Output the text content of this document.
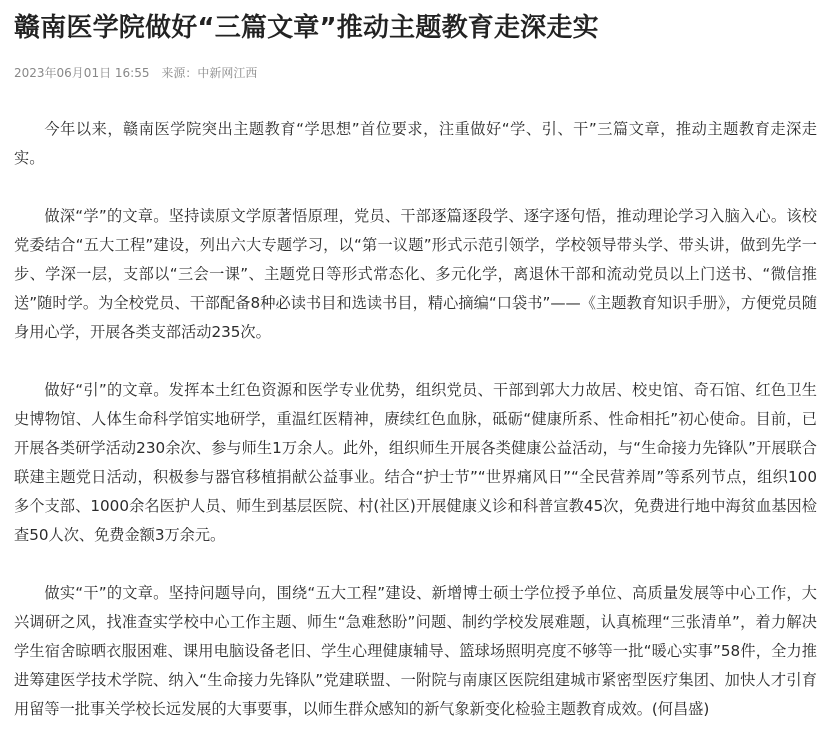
赣南医学院做好“三篇文章”推动主题教育走深走实
2023年06月01日 16:55 来源：中新网江西

今年以来，赣南医学院突出主题教育“学思想”首位要求，注重做好“学、引、干”三篇文章，推动主题教育走深走实。

做深“学”的文章。坚持读原文学原著悟原理，党员、干部逐篇逐段学、逐字逐句悟，推动理论学习入脑入心。该校党委结合“五大工程”建设，列出六大专题学习，以“第一议题”形式示范引领学，学校领导带头学、带头讲，做到先学一步、学深一层，支部以“三会一课”、主题党日等形式常态化、多元化学，离退休干部和流动党员以上门送书、“微信推送”随时学。为全校党员、干部配备8种必读书目和选读书目，精心摘编“口袋书”——《主题教育知识手册》，方便党员随身用心学，开展各类支部活动235次。

做好“引”的文章。发挥本土红色资源和医学专业优势，组织党员、干部到郭大力故居、校史馆、奇石馆、红色卫生史博物馆、人体生命科学馆实地研学，重温红医精神，赓续红色血脉，砥砺“健康所系、性命相托”初心使命。目前，已开展各类研学活动230余次、参与师生1万余人。此外，组织师生开展各类健康公益活动，与“生命接力先锋队”开展联合联建主题党日活动，积极参与器官移植捐献公益事业。结合“护士节”“世界痛风日”“全民营养周”等系列节点，组织100多个支部、1000余名医护人员、师生到基层医院、村(社区)开展健康义诊和科普宣教45次，免费进行地中海贫血基因检查50人次、免费金额3万余元。

做实“干”的文章。坚持问题导向，围绕“五大工程”建设、新增博士硕士学位授予单位、高质量发展等中心工作，大兴调研之风，找准查实学校中心工作主题、师生“急难愁盼”问题、制约学校发展难题，认真梳理“三张清单”，着力解决学生宿舍晾晒衣服困难、课用电脑设备老旧、学生心理健康辅导、篮球场照明亮度不够等一批“暖心实事”58件，全力推进筹建医学技术学院、纳入“生命接力先锋队”党建联盟、一附院与南康区医院组建城市紧密型医疗集团、加快人才引育用留等一批事关学校长远发展的大事要事，以师生群众感知的新气象新变化检验主题教育成效。(何昌盛)
